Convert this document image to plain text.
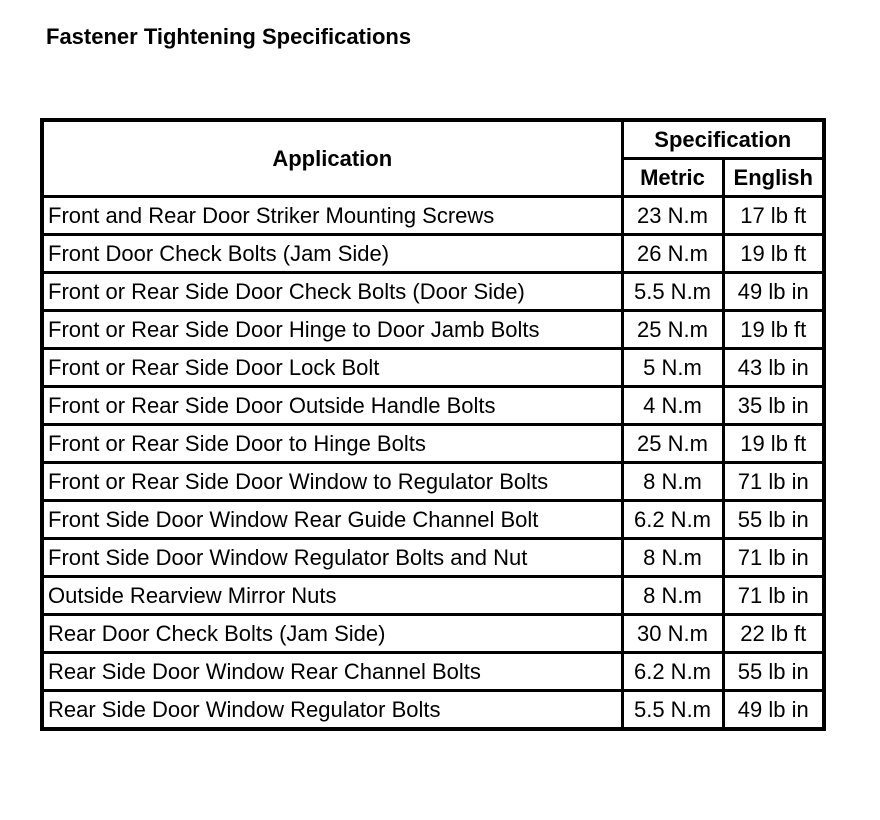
Fastener Tightening Specifications
Application	Specification	
	Metric	English
Front and Rear Door Striker Mounting Screws	23 N.m	17 lb ft
Front Door Check Bolts (Jam Side)	26 N.m	19 lb ft
Front or Rear Side Door Check Bolts (Door Side)	5.5 N.m	49 lb in
Front or Rear Side Door Hinge to Door Jamb Bolts	25 N.m	19 lb ft
Front or Rear Side Door Lock Bolt	5 N.m	43 lb in
Front or Rear Side Door Outside Handle Bolts	4 N.m	35 lb in
Front or Rear Side Door to Hinge Bolts	25 N.m	19 lb ft
Front or Rear Side Door Window to Regulator Bolts	8 N.m	71 lb in
Front Side Door Window Rear Guide Channel Bolt	6.2 N.m	55 lb in
Front Side Door Window Regulator Bolts and Nut	8 N.m	71 lb in
Outside Rearview Mirror Nuts	8 N.m	71 lb in
Rear Door Check Bolts (Jam Side)	30 N.m	22 lb ft
Rear Side Door Window Rear Channel Bolts	6.2 N.m	55 lb in
Rear Side Door Window Regulator Bolts	5.5 N.m	49 lb in
